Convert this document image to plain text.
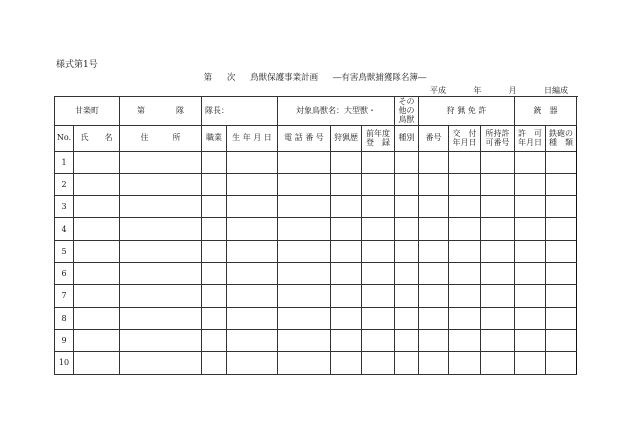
様式第1号
第 次 鳥獣保護事業計画 ―有害鳥獣捕獲隊名簿―
平成	年	月	日編成
甘楽町		第 隊	隊長：		対象鳥獣名：大型獣・			その他の鳥獣	狩 猟 免 許			銃　器	
No.	氏　　名	住　　　所	職業	生 年 月 日	電 話 番 号	狩猟歴	前年度 登　録	種別	番号	交　付 年月日	所持許 可番号	許　可 年月日	鉄砲の 種　類
1													
2													
3													
4													
5													
6													
7													
8													
9													
10													
